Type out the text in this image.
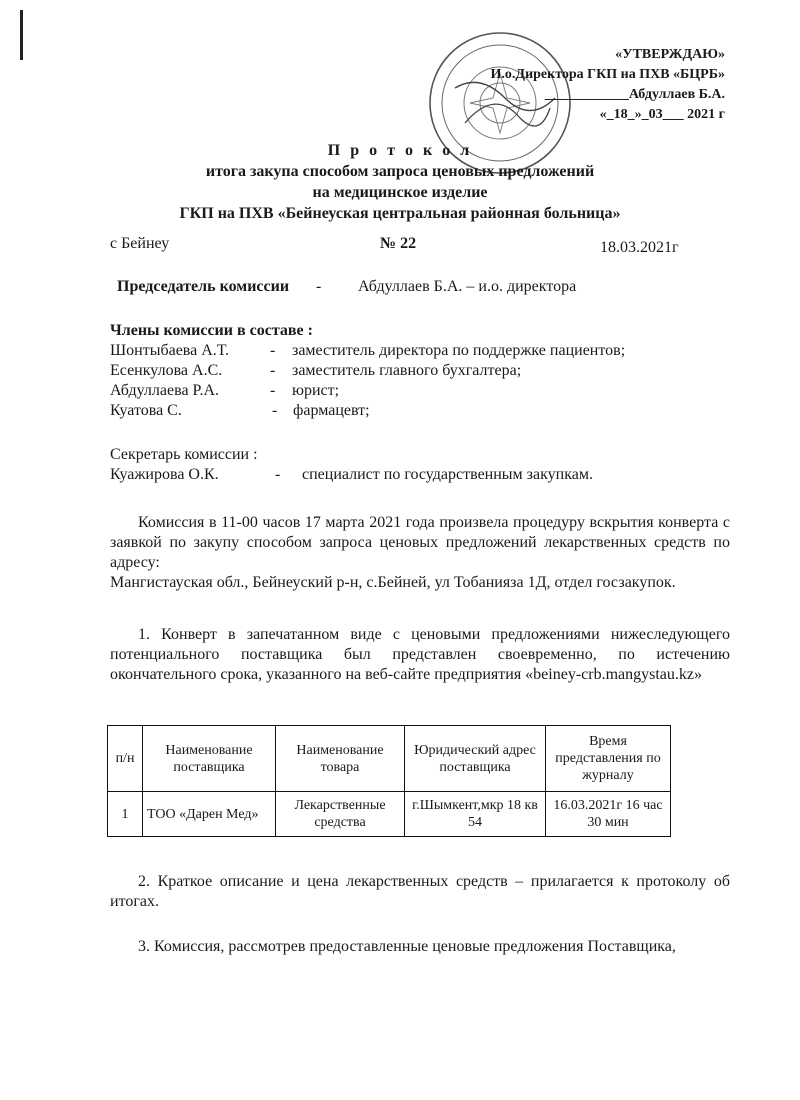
«УТВЕРЖДАЮ»
И.о.Директора ГКП на ПХВ «БЦРБ»
____________Абдуллаев Б.А.
«_18_»_03___ 2021 г
П р о т о к о л
итога закупа способом запроса ценовых предложений
на медицинское изделие
ГКП на ПХВ «Бейнеуская центральная районная больница»
с Бейнеу	№ 22	18.03.2021г
Председатель комиссии - Абдуллаев Б.А. – и.о. директора
Члены комиссии в составе :
Шонтыбаева А.Т.	- заместитель директора по поддержке пациентов;
Есенкулова А.С.	- заместитель главного бухгалтера;
Абдуллаева Р.А.	- юрист;
Куатова С.	- фармацевт;
Секретарь комиссии :
Куажирова О.К.	- специалист по государственным закупкам.

Комиссия в 11-00 часов 17 марта 2021 года произвела процедуру вскрытия конверта с заявкой по закупу способом запроса ценовых предложений лекарственных средств по адресу:

Мангистауская обл., Бейнеуский р-н, с.Бейней, ул Тобанияза 1Д, отдел госзакупок.

1. Конверт в запечатанном виде с ценовыми предложениями нижеследующего потенциального поставщика был представлен своевременно, по истечению окончательного срока, указанного на веб-сайте предприятия «beiney-crb.mangystau.kz»

п/н	Наименование поставщика	Наименование товара	Юридический адрес поставщика	Время представления по журналу
1	ТОО «Дарен Мед»	Лекарственные средства	г.Шымкент,мкр 18 кв 54	16.03.2021г 16 час 30 мин

2. Краткое описание и цена лекарственных средств – прилагается к протоколу об итогах.

3. Комиссия, рассмотрев предоставленные ценовые предложения Поставщика,
